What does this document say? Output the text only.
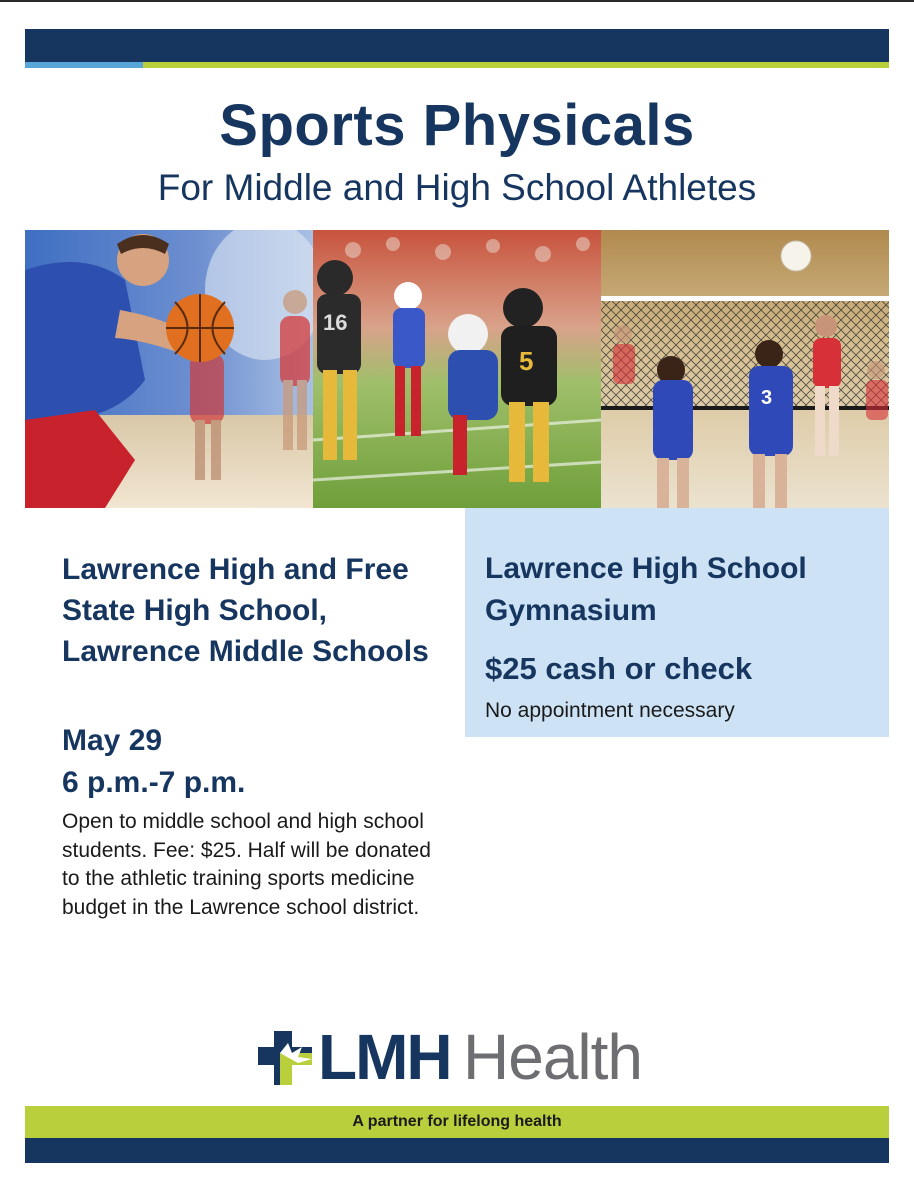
Sports Physicals
For Middle and High School Athletes
16
5
3
Lawrence High and Free State High School, Lawrence Middle Schools
May 29
6 p.m.-7 p.m.
Open to middle school and high school students. Fee: $25. Half will be donated to the athletic training sports medicine budget in the Lawrence school district.
Lawrence High School Gymnasium
$25 cash or check
No appointment necessary
LMH Health
A partner for lifelong health
